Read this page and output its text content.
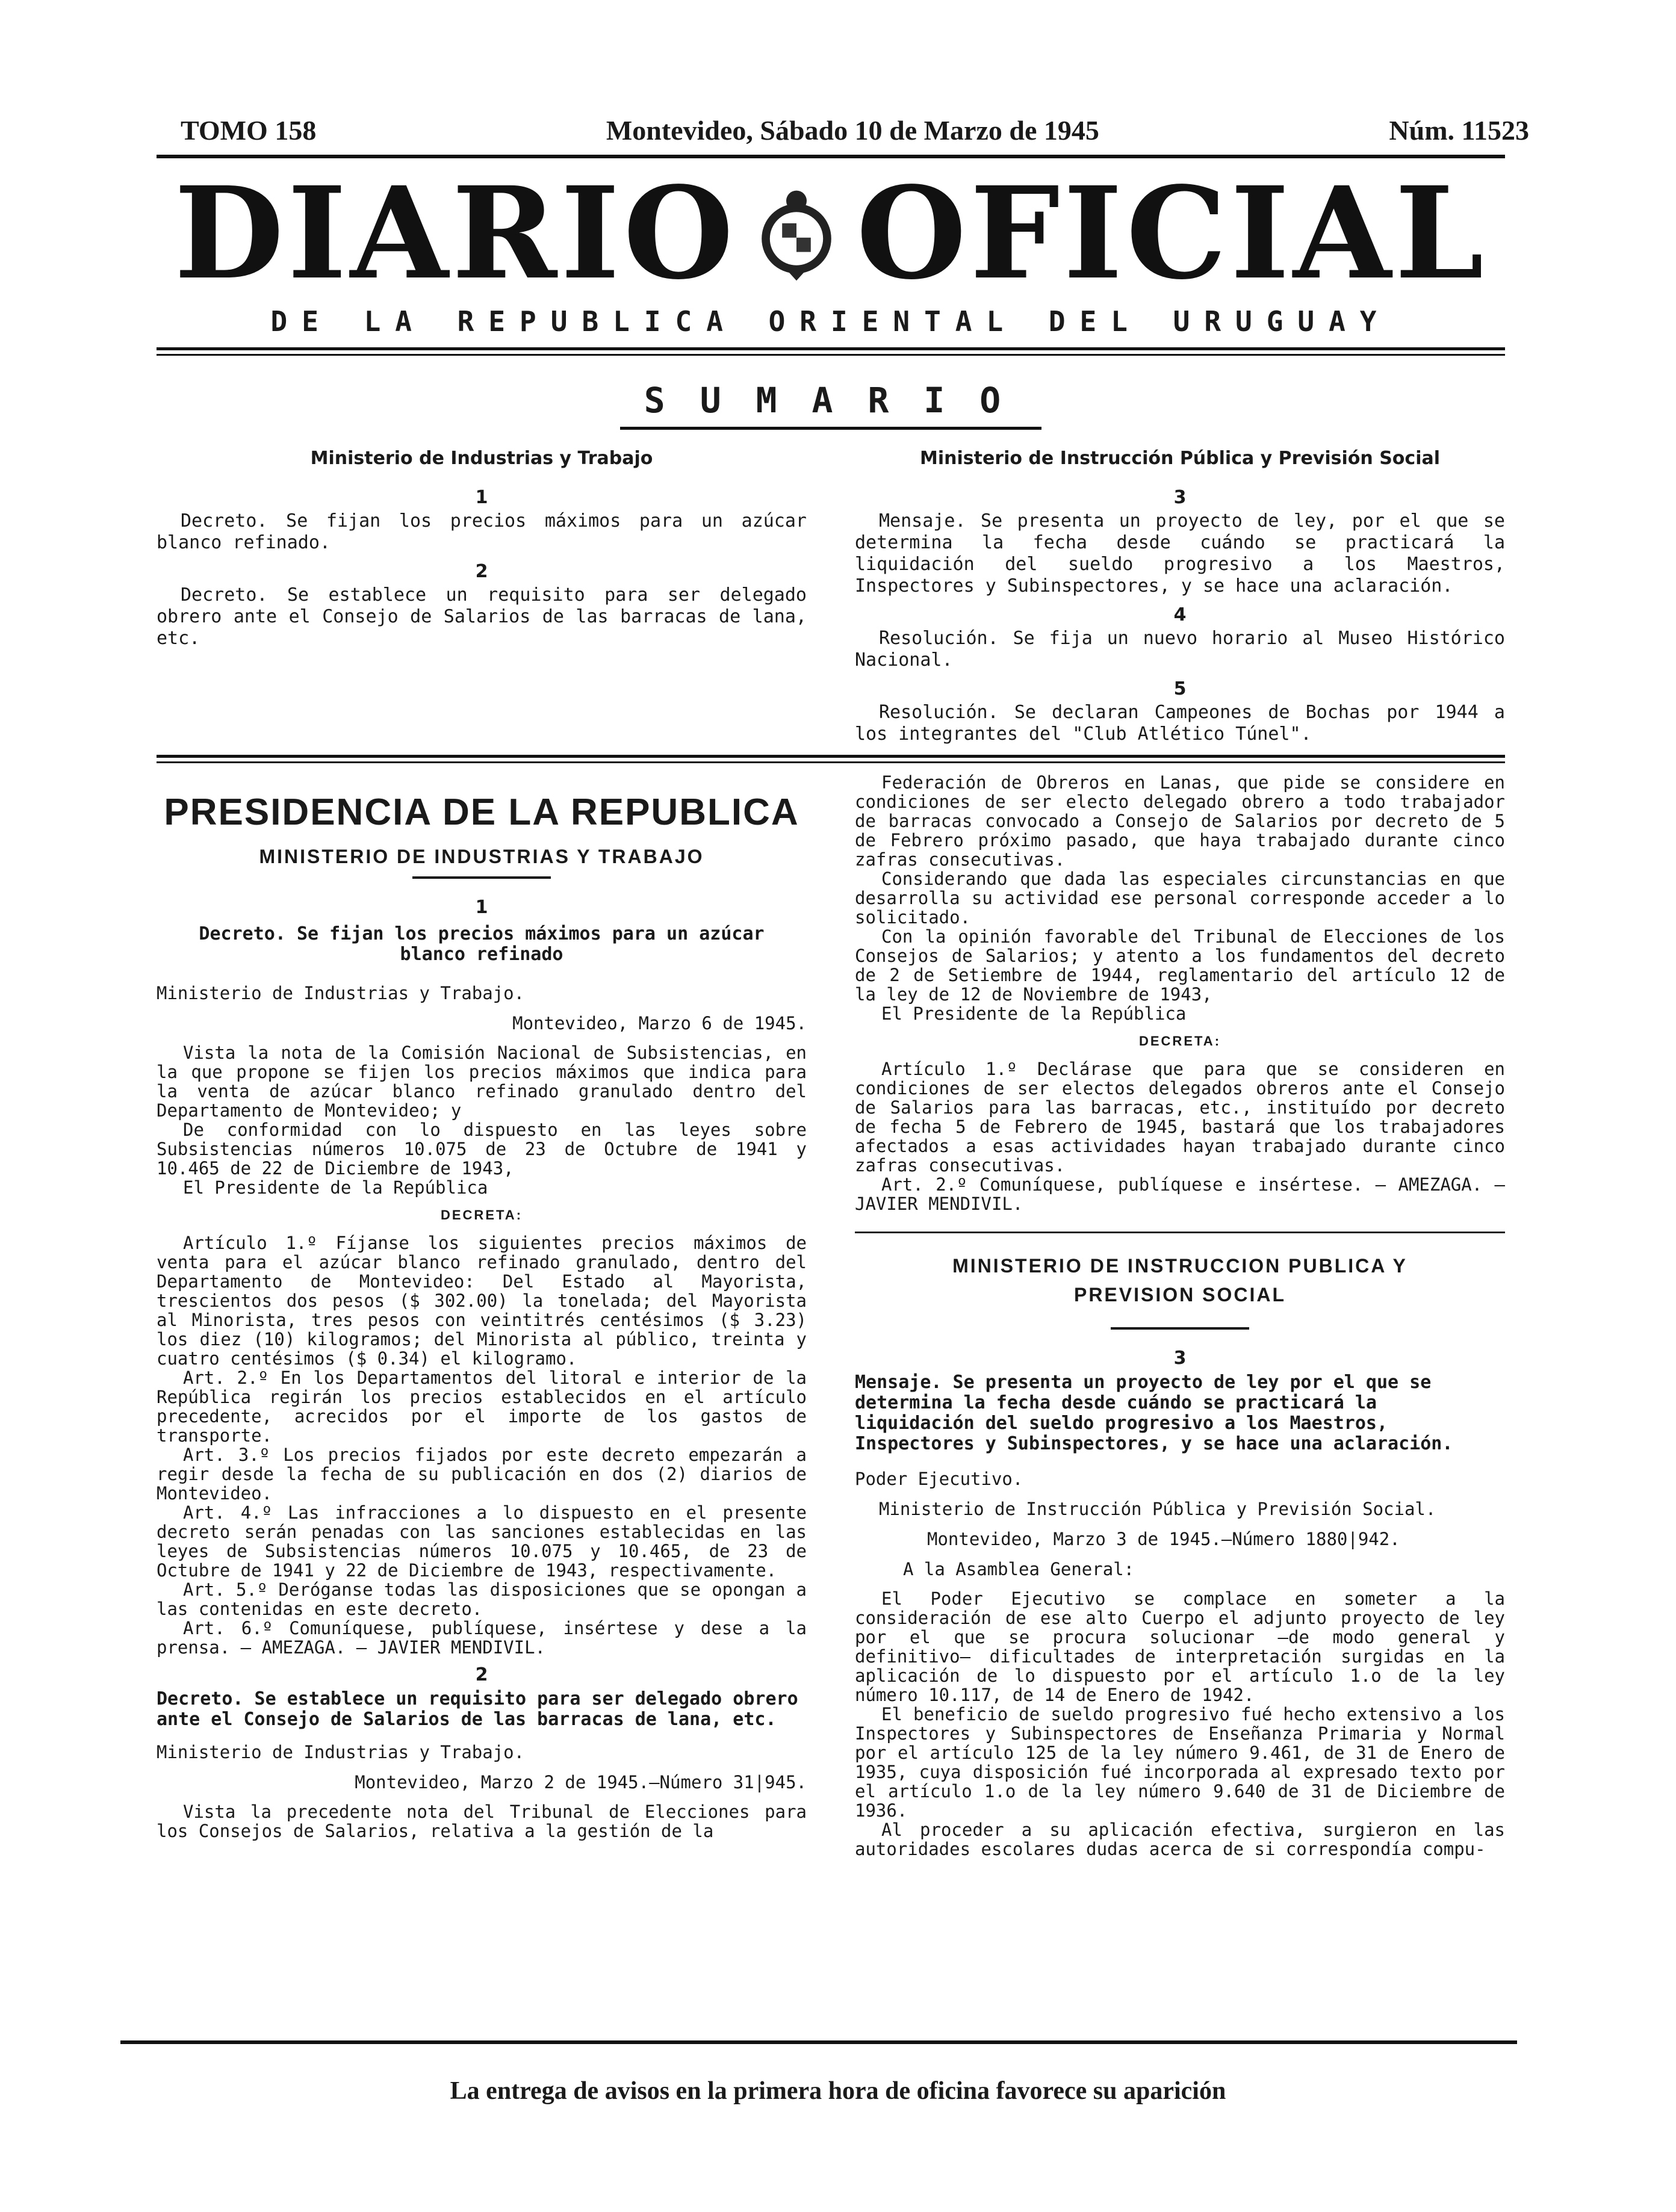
TOMO 158	Montevideo, Sábado 10 de Marzo de 1945	Núm. 11523
DIARIO OFICIAL
DE LA REPUBLICA ORIENTAL DEL URUGUAY
SUMARIO
Ministerio de Industrias y Trabajo
1
Decreto. Se fijan los precios máximos para un azúcar blanco refinado.
2
Decreto. Se establece un requisito para ser delegado obrero ante el Consejo de Salarios de las barracas de lana, etc.
Ministerio de Instrucción Pública y Previsión Social
3
Mensaje. Se presenta un proyecto de ley, por el que se determina la fecha desde cuándo se practicará la liquidación del sueldo progresivo a los Maestros, Inspectores y Subinspectores, y se hace una aclaración.
4
Resolución. Se fija un nuevo horario al Museo Histórico Nacional.
5
Resolución. Se declaran Campeones de Bochas por 1944 a los integrantes del "Club Atlético Túnel".
PRESIDENCIA DE LA REPUBLICA
MINISTERIO DE INDUSTRIAS Y TRABAJO
1
Decreto. Se fijan los precios máximos para un azúcar blanco refinado
Ministerio de Industrias y Trabajo.
Montevideo, Marzo 6 de 1945.

Vista la nota de la Comisión Nacional de Subsistencias, en la que propone se fijen los precios máximos que indica para la venta de azúcar blanco refinado granulado dentro del Departamento de Montevideo; y

De conformidad con lo dispuesto en las leyes sobre Subsistencias números 10.075 de 23 de Octubre de 1941 y 10.465 de 22 de Diciembre de 1943,

El Presidente de la República

DECRETA:

Artículo 1.º Fíjanse los siguientes precios máximos de venta para el azúcar blanco refinado granulado, dentro del Departamento de Montevideo: Del Estado al Mayorista, trescientos dos pesos ($ 302.00) la tonelada; del Mayorista al Minorista, tres pesos con veintitrés centésimos ($ 3.23) los diez (10) kilogramos; del Minorista al público, treinta y cuatro centésimos ($ 0.34) el kilogramo.

Art. 2.º En los Departamentos del litoral e interior de la República regirán los precios establecidos en el artículo precedente, acrecidos por el importe de los gastos de transporte.

Art. 3.º Los precios fijados por este decreto empezarán a regir desde la fecha de su publicación en dos (2) diarios de Montevideo.

Art. 4.º Las infracciones a lo dispuesto en el presente decreto serán penadas con las sanciones establecidas en las leyes de Subsistencias números 10.075 y 10.465, de 23 de Octubre de 1941 y 22 de Diciembre de 1943, respectivamente.

Art. 5.º Deróganse todas las disposiciones que se opongan a las contenidas en este decreto.

Art. 6.º Comuníquese, publíquese, insértese y dese a la prensa. — AMEZAGA. — JAVIER MENDIVIL.

2
Decreto. Se establece un requisito para ser delegado obrero ante el Consejo de Salarios de las barracas de lana, etc.
Ministerio de Industrias y Trabajo.
Montevideo, Marzo 2 de 1945.—Número 31|945.

Vista la precedente nota del Tribunal de Elecciones para los Consejos de Salarios, relativa a la gestión de la

Federación de Obreros en Lanas, que pide se considere en condiciones de ser electo delegado obrero a todo trabajador de barracas convocado a Consejo de Salarios por decreto de 5 de Febrero próximo pasado, que haya trabajado durante cinco zafras consecutivas.

Considerando que dada las especiales circunstancias en que desarrolla su actividad ese personal corresponde acceder a lo solicitado.

Con la opinión favorable del Tribunal de Elecciones de los Consejos de Salarios; y atento a los fundamentos del decreto de 2 de Setiembre de 1944, reglamentario del artículo 12 de la ley de 12 de Noviembre de 1943,

El Presidente de la República

DECRETA:

Artículo 1.º Declárase que para que se consideren en condiciones de ser electos delegados obreros ante el Consejo de Salarios para las barracas, etc., instituído por decreto de fecha 5 de Febrero de 1945, bastará que los trabajadores afectados a esas actividades hayan trabajado durante cinco zafras consecutivas.

Art. 2.º Comuníquese, publíquese e insértese. — AMEZAGA. — JAVIER MENDIVIL.

MINISTERIO DE INSTRUCCION PUBLICA Y PREVISION SOCIAL
3
Mensaje. Se presenta un proyecto de ley por el que se determina la fecha desde cuándo se practicará la liquidación del sueldo progresivo a los Maestros, Inspectores y Subinspectores, y se hace una aclaración.
Poder Ejecutivo.
Ministerio de Instrucción Pública y Previsión Social.
Montevideo, Marzo 3 de 1945.—Número 1880|942.
A la Asamblea General:

El Poder Ejecutivo se complace en someter a la consideración de ese alto Cuerpo el adjunto proyecto de ley por el que se procura solucionar —de modo general y definitivo— dificultades de interpretación surgidas en la aplicación de lo dispuesto por el artículo 1.o de la ley número 10.117, de 14 de Enero de 1942.

El beneficio de sueldo progresivo fué hecho extensivo a los Inspectores y Subinspectores de Enseñanza Primaria y Normal por el artículo 125 de la ley número 9.461, de 31 de Enero de 1935, cuya disposición fué incorporada al expresado texto por el artículo 1.o de la ley número 9.640 de 31 de Diciembre de 1936.

Al proceder a su aplicación efectiva, surgieron en las autoridades escolares dudas acerca de si correspondía compu-

La entrega de avisos en la primera hora de oficina favorece su aparición
